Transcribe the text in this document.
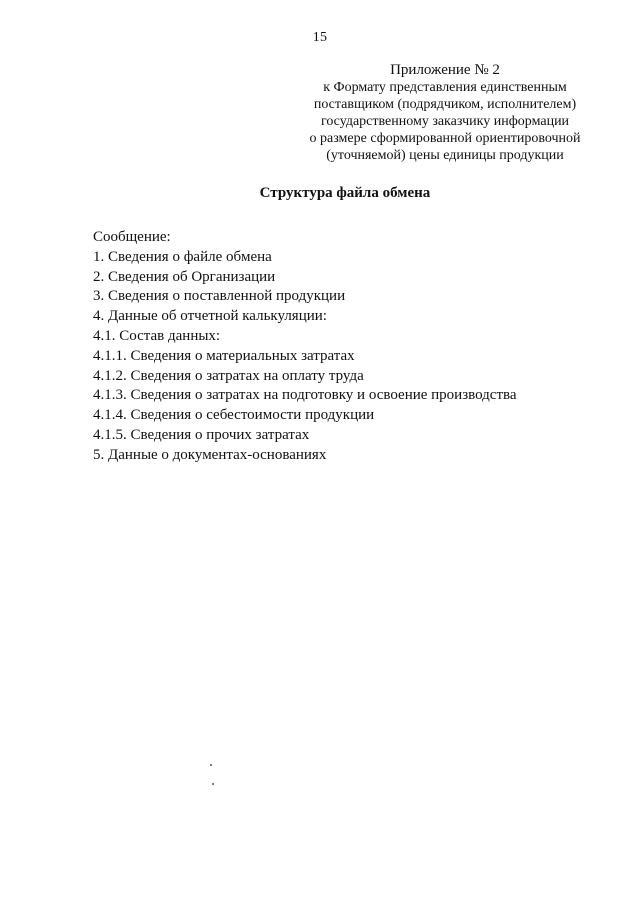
15
Приложение № 2
к Формату представления единственным
поставщиком (подрядчиком, исполнителем)
государственному заказчику информации
о размере сформированной ориентировочной
(уточняемой) цены единицы продукции
Структура файла обмена
Сообщение:
1. Сведения о файле обмена
2. Сведения об Организации
3. Сведения о поставленной продукции
4. Данные об отчетной калькуляции:
4.1. Состав данных:
4.1.1. Сведения о материальных затратах
4.1.2. Сведения о затратах на оплату труда
4.1.3. Сведения о затратах на подготовку и освоение производства
4.1.4. Сведения о себестоимости продукции
4.1.5. Сведения о прочих затратах
5. Данные о документах-основаниях
